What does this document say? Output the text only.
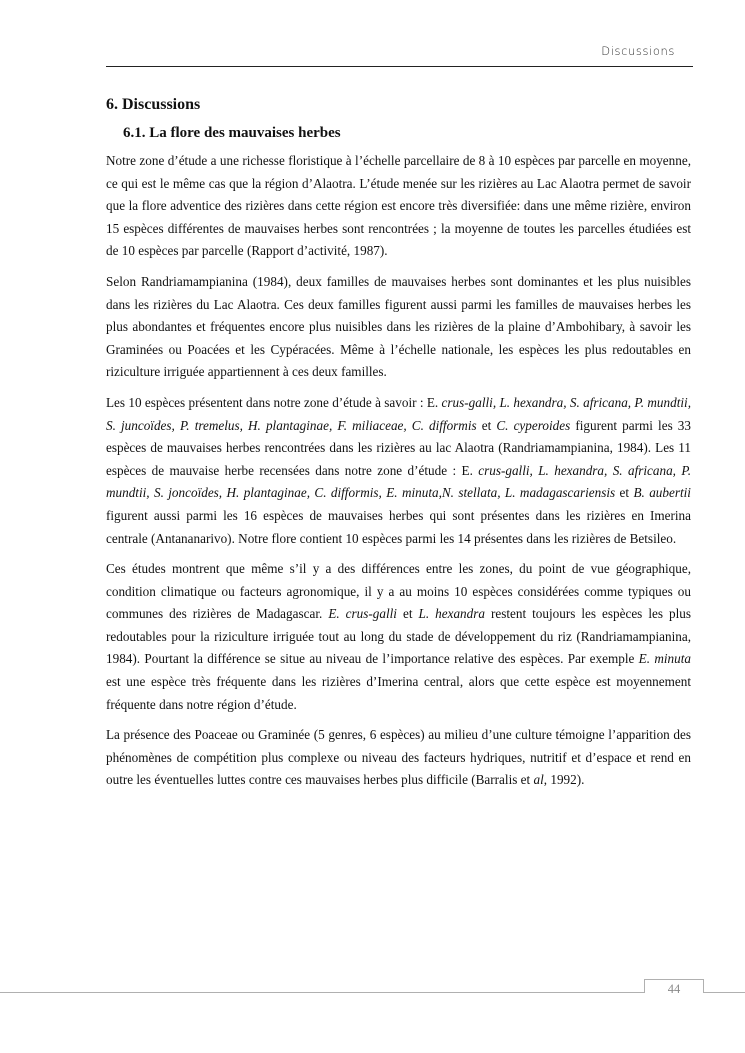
Discussions
6. Discussions
6.1. La flore des mauvaises herbes

Notre zone d’étude a une richesse floristique à l’échelle parcellaire de 8 à 10 espèces par parcelle en moyenne, ce qui est le même cas que la région d’Alaotra. L’étude menée sur les rizières au Lac Alaotra permet de savoir que la flore adventice des rizières dans cette région est encore très diversifiée: dans une même rizière, environ 15 espèces différentes de mauvaises herbes sont rencontrées ; la moyenne de toutes les parcelles étudiées est de 10 espèces par parcelle (Rapport d’activité, 1987).

Selon Randriamampianina (1984), deux familles de mauvaises herbes sont dominantes et les plus nuisibles dans les rizières du Lac Alaotra. Ces deux familles figurent aussi parmi les familles de mauvaises herbes les plus abondantes et fréquentes encore plus nuisibles dans les rizières de la plaine d’Ambohibary, à savoir les Graminées ou Poacées et les Cypéracées. Même à l’échelle nationale, les espèces les plus redoutables en riziculture irriguée appartiennent à ces deux familles.

Les 10 espèces présentent dans notre zone d’étude à savoir : E. crus-galli, L. hexandra, S. africana, P. mundtii, S. juncoïdes, P. tremelus, H. plantaginae, F. miliaceae, C. difformis et C. cyperoides figurent parmi les 33 espèces de mauvaises herbes rencontrées dans les rizières au lac Alaotra (Randriamampianina, 1984). Les 11 espèces de mauvaise herbe recensées dans notre zone d’étude : E. crus-galli, L. hexandra, S. africana, P. mundtii, S. joncoïdes, H. plantaginae, C. difformis, E. minuta,N. stellata, L. madagascariensis et B. aubertii figurent aussi parmi les 16 espèces de mauvaises herbes qui sont présentes dans les rizières en Imerina centrale (Antananarivo). Notre flore contient 10 espèces parmi les 14 présentes dans les rizières de Betsileo.

Ces études montrent que même s’il y a des différences entre les zones, du point de vue géographique, condition climatique ou facteurs agronomique, il y a au moins 10 espèces considérées comme typiques ou communes des rizières de Madagascar. E. crus-galli et L. hexandra restent toujours les espèces les plus redoutables pour la riziculture irriguée tout au long du stade de développement du riz (Randriamampianina, 1984). Pourtant la différence se situe au niveau de l’importance relative des espèces. Par exemple E. minuta est une espèce très fréquente dans les rizières d’Imerina central, alors que cette espèce est moyennement fréquente dans notre région d’étude.

La présence des Poaceae ou Graminée (5 genres, 6 espèces) au milieu d’une culture témoigne l’apparition des phénomènes de compétition plus complexe ou niveau des facteurs hydriques, nutritif et d’espace et rend en outre les éventuelles luttes contre ces mauvaises herbes plus difficile (Barralis et al, 1992).

44
